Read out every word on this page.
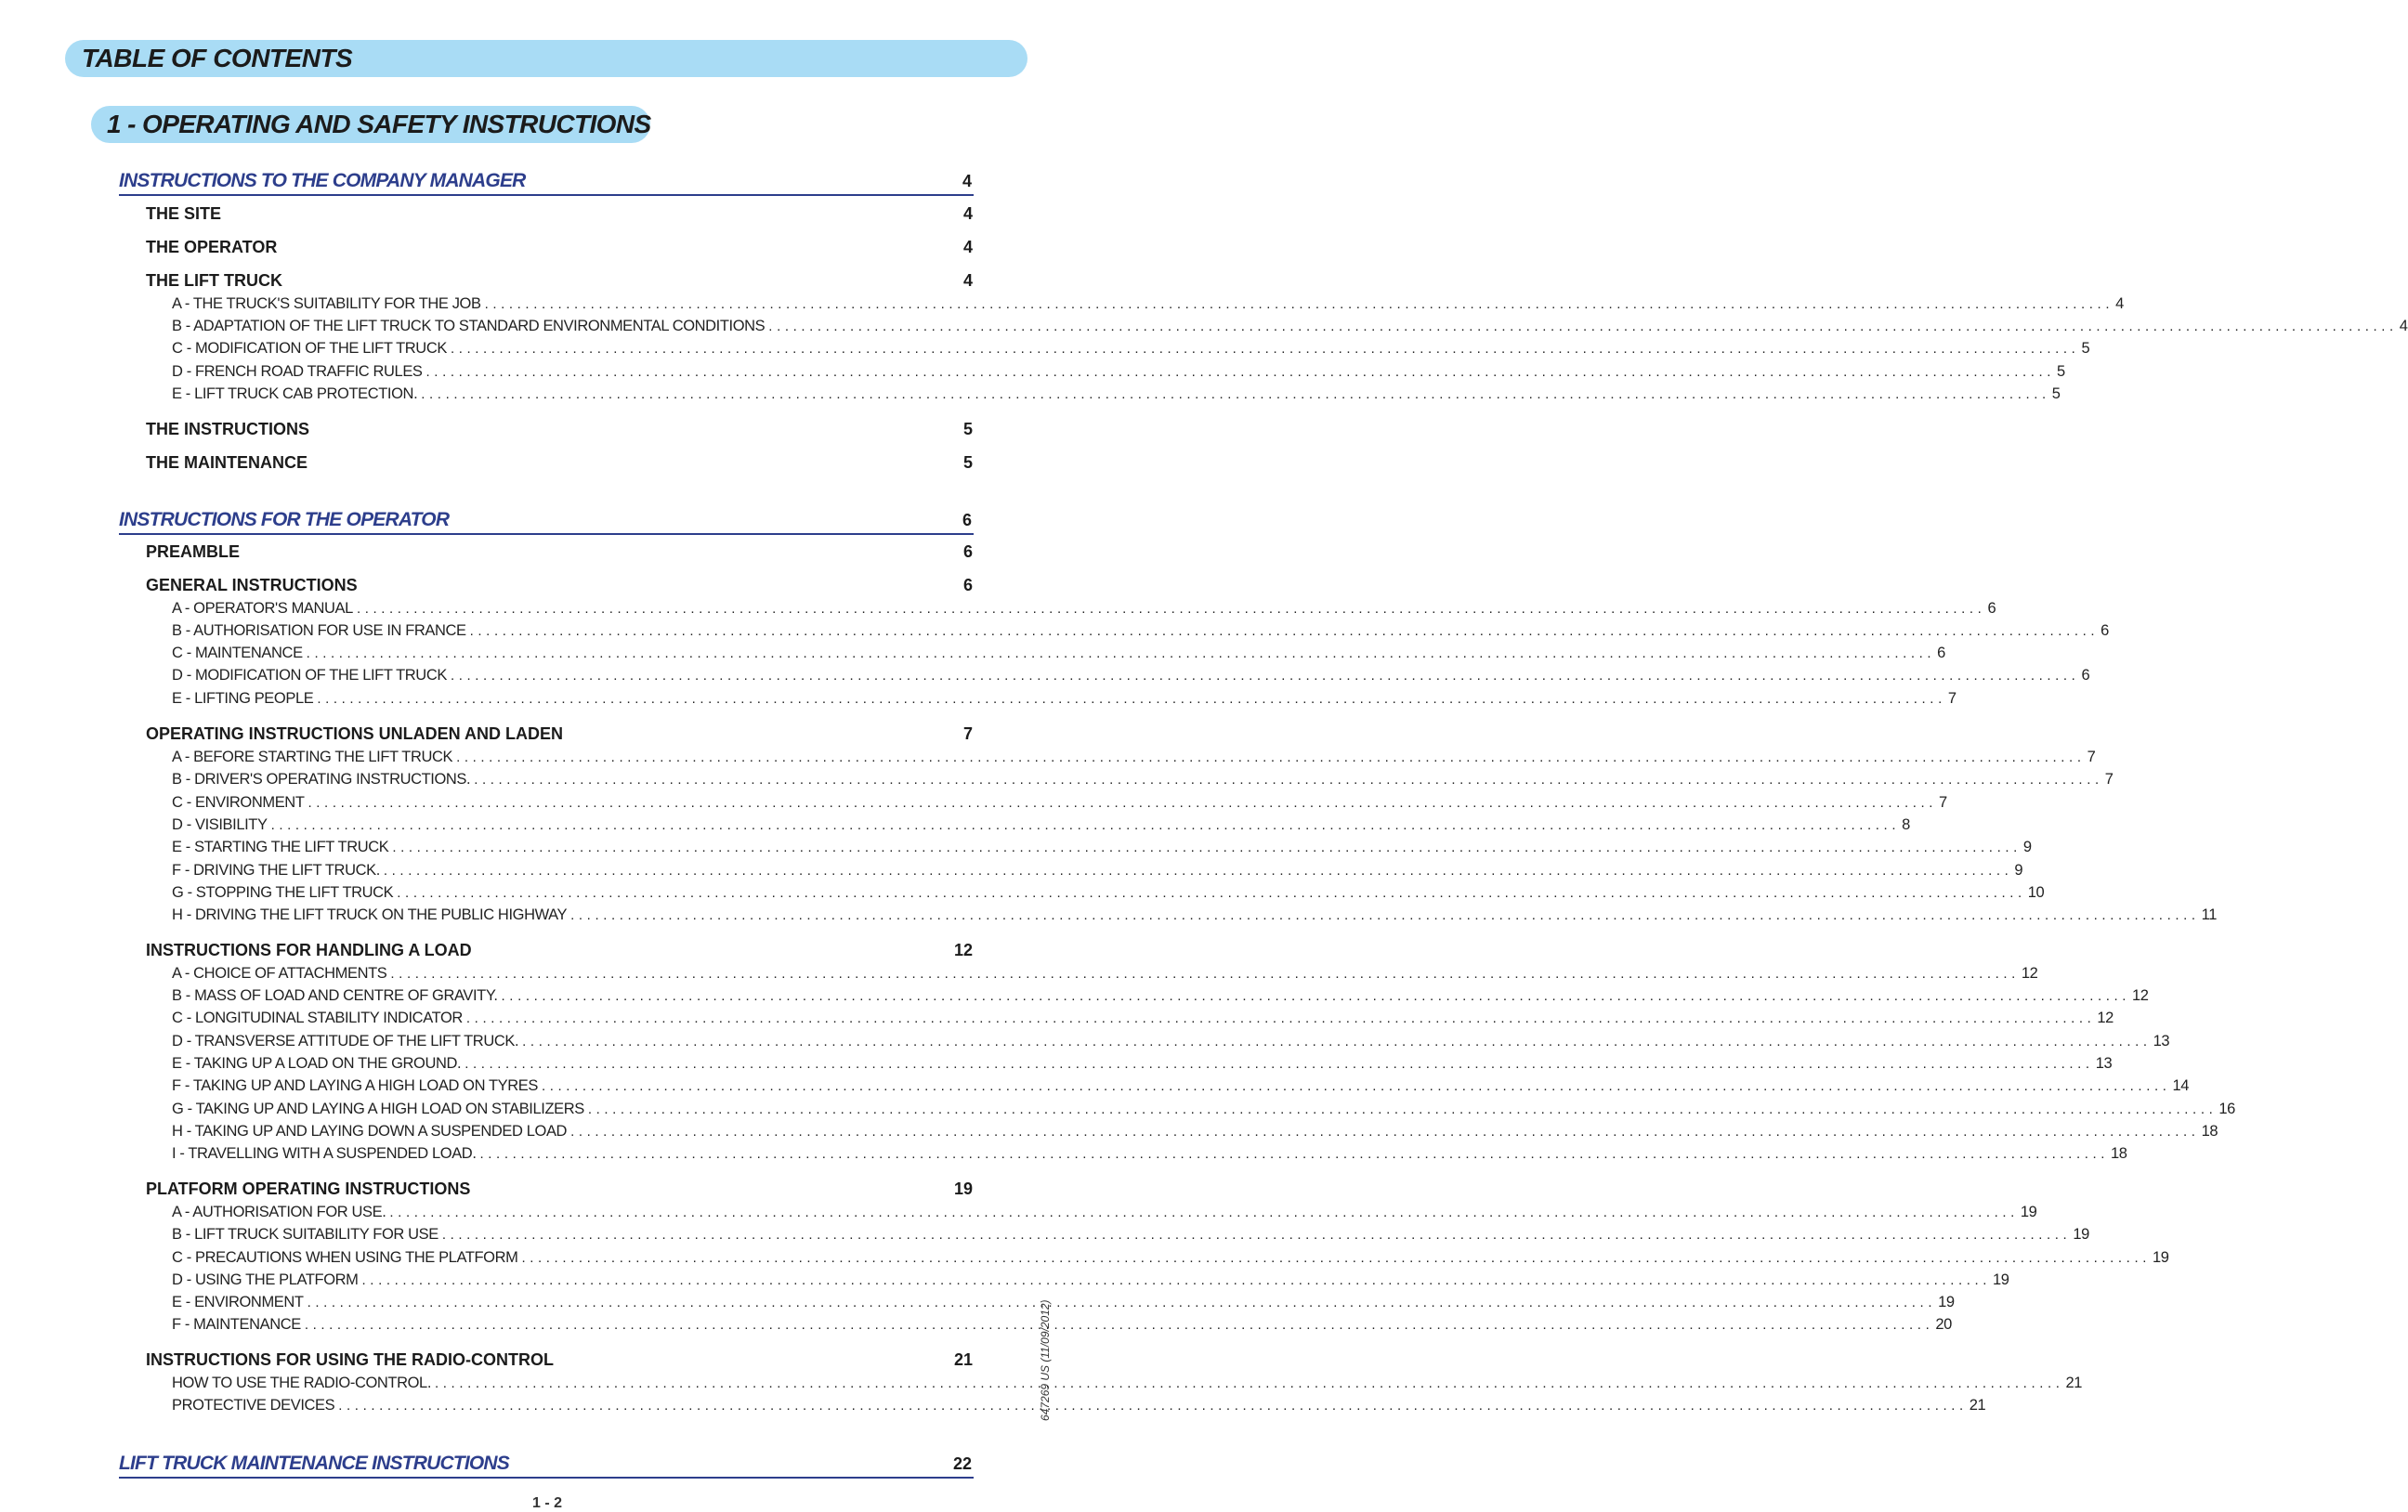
TABLE OF CONTENTS
1 - OPERATING AND SAFETY INSTRUCTIONS
INSTRUCTIONS TO THE COMPANY MANAGER	4
THE SITE	4
THE OPERATOR	4
THE LIFT TRUCK	4
A - THE TRUCK'S SUITABILITY FOR THE JOB ........................................................................................................................................................................................................ 4
B - ADAPTATION OF THE LIFT TRUCK TO STANDARD ENVIRONMENTAL CONDITIONS ........................................................................................................................................................................................................ 4
C - MODIFICATION OF THE LIFT TRUCK ........................................................................................................................................................................................................ 5
D - FRENCH ROAD TRAFFIC RULES ........................................................................................................................................................................................................ 5
E - LIFT TRUCK CAB PROTECTION. ........................................................................................................................................................................................................ 5
THE INSTRUCTIONS	5
THE MAINTENANCE	5
INSTRUCTIONS FOR THE OPERATOR	6
PREAMBLE	6
GENERAL INSTRUCTIONS	6
A - OPERATOR'S MANUAL ........................................................................................................................................................................................................ 6
B - AUTHORISATION FOR USE IN FRANCE ........................................................................................................................................................................................................ 6
C - MAINTENANCE ........................................................................................................................................................................................................ 6
D - MODIFICATION OF THE LIFT TRUCK ........................................................................................................................................................................................................ 6
E - LIFTING PEOPLE ........................................................................................................................................................................................................ 7
OPERATING INSTRUCTIONS UNLADEN AND LADEN	7
A - BEFORE STARTING THE LIFT TRUCK ........................................................................................................................................................................................................ 7
B - DRIVER'S OPERATING INSTRUCTIONS. ........................................................................................................................................................................................................ 7
C - ENVIRONMENT ........................................................................................................................................................................................................ 7
D - VISIBILITY ........................................................................................................................................................................................................ 8
E - STARTING THE LIFT TRUCK ........................................................................................................................................................................................................ 9
F - DRIVING THE LIFT TRUCK. ........................................................................................................................................................................................................ 9
G - STOPPING THE LIFT TRUCK ........................................................................................................................................................................................................ 10
H - DRIVING THE LIFT TRUCK ON THE PUBLIC HIGHWAY ........................................................................................................................................................................................................ 11
INSTRUCTIONS FOR HANDLING A LOAD	12
A - CHOICE OF ATTACHMENTS ........................................................................................................................................................................................................ 12
B - MASS OF LOAD AND CENTRE OF GRAVITY. ........................................................................................................................................................................................................ 12
C - LONGITUDINAL STABILITY INDICATOR ........................................................................................................................................................................................................ 12
D - TRANSVERSE ATTITUDE OF THE LIFT TRUCK. ........................................................................................................................................................................................................ 13
E - TAKING UP A LOAD ON THE GROUND. ........................................................................................................................................................................................................ 13
F - TAKING UP AND LAYING A HIGH LOAD ON TYRES ........................................................................................................................................................................................................ 14
G - TAKING UP AND LAYING A HIGH LOAD ON STABILIZERS ........................................................................................................................................................................................................ 16
H - TAKING UP AND LAYING DOWN A SUSPENDED LOAD ........................................................................................................................................................................................................ 18
I - TRAVELLING WITH A SUSPENDED LOAD. ........................................................................................................................................................................................................ 18
PLATFORM OPERATING INSTRUCTIONS	19
A - AUTHORISATION FOR USE. ........................................................................................................................................................................................................ 19
B - LIFT TRUCK SUITABILITY FOR USE ........................................................................................................................................................................................................ 19
C - PRECAUTIONS WHEN USING THE PLATFORM ........................................................................................................................................................................................................ 19
D - USING THE PLATFORM ........................................................................................................................................................................................................ 19
E - ENVIRONMENT ........................................................................................................................................................................................................ 19
F - MAINTENANCE ........................................................................................................................................................................................................ 20
INSTRUCTIONS FOR USING THE RADIO-CONTROL	21
HOW TO USE THE RADIO-CONTROL. ........................................................................................................................................................................................................ 21
PROTECTIVE DEVICES ........................................................................................................................................................................................................ 21
LIFT TRUCK MAINTENANCE INSTRUCTIONS	22
647269 US (11/09/2012)
1 - 2
